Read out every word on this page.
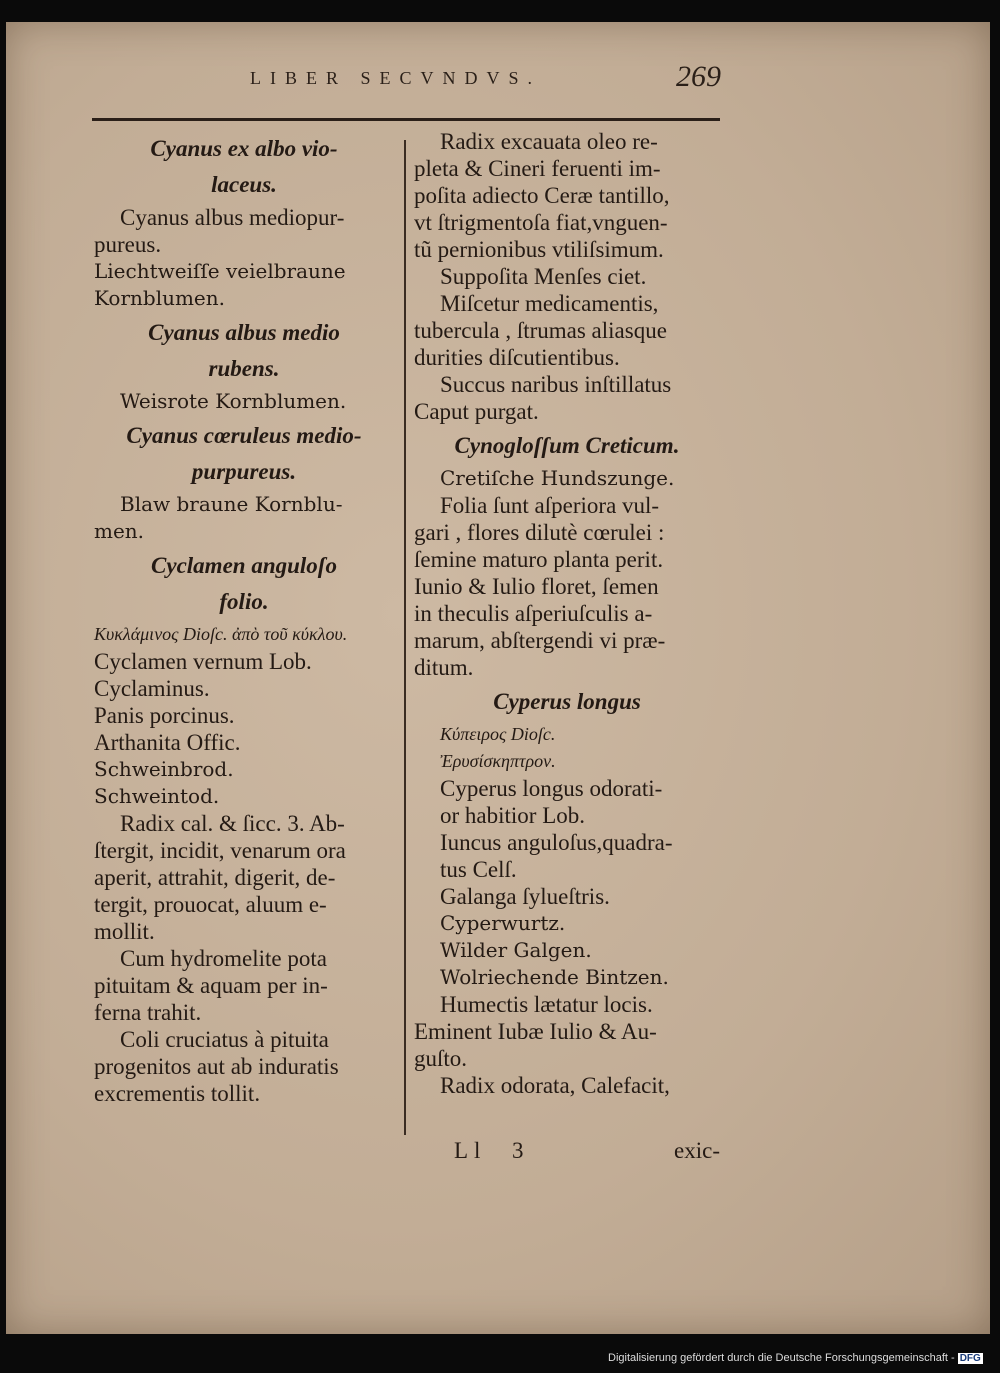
LIBER SECVNDVS.	269

Cyanus ex albo vio-

laceus.

Cyanus albus mediopur-

pureus.

Liechtweiſſe veielbraune

Kornblumen.

Cyanus albus medio

rubens.

Weisrote Kornblumen.

Cyanus cœruleus medio-

purpureus.

Blaw braune Kornblu-

men.

Cyclamen anguloſo

folio.

Κυκλάμινος Dioſc. ἀπὸ τοῦ κύκλου.

Cyclamen vernum Lob.

Cyclaminus.

Panis porcinus.

Arthanita Offic.

Schweinbrod.

Schweintod.

Radix cal. & ſicc. 3. Ab-

ſtergit, incidit, venarum ora

aperit, attrahit, digerit, de-

tergit, prouocat, aluum e-

mollit.

Cum hydromelite pota

pituitam & aquam per in-

ferna trahit.

Coli cruciatus à pituita

progenitos aut ab induratis

excrementis tollit.

Radix excauata oleo re-

pleta & Cineri feruenti im-

poſita adiecto Ceræ tantillo,

vt ſtrigmentoſa fiat,vnguen-

tũ pernionibus vtiliſsimum.

Suppoſita Menſes ciet.

Miſcetur medicamentis,

tubercula , ſtrumas aliasque

durities diſcutientibus.

Succus naribus inſtillatus

Caput purgat.

Cynogloſſum Creticum.

Cretiſche Hundszunge.

Folia ſunt aſperiora vul-

gari , flores dilutè cœrulei :

ſemine maturo planta perit.

Iunio & Iulio floret, ſemen

in theculis aſperiuſculis a-

marum, abſtergendi vi præ-

ditum.

Cyperus longus

Κύπειρος Dioſc.

Ἐρυσίσκηπτρον.

Cyperus longus odorati-

or habitior Lob.

Iuncus anguloſus,quadra-

tus Celſ.

Galanga ſylueſtris.

Cyperwurtz.

Wilder Galgen.

Wolriechende Bintzen.

Humectis lætatur locis.

Eminent Iubæ Iulio & Au-

guſto.

Radix odorata, Calefacit,

Ll 3	exic-
Digitalisierung gefördert durch die Deutsche Forschungsgemeinschaft - DFG
